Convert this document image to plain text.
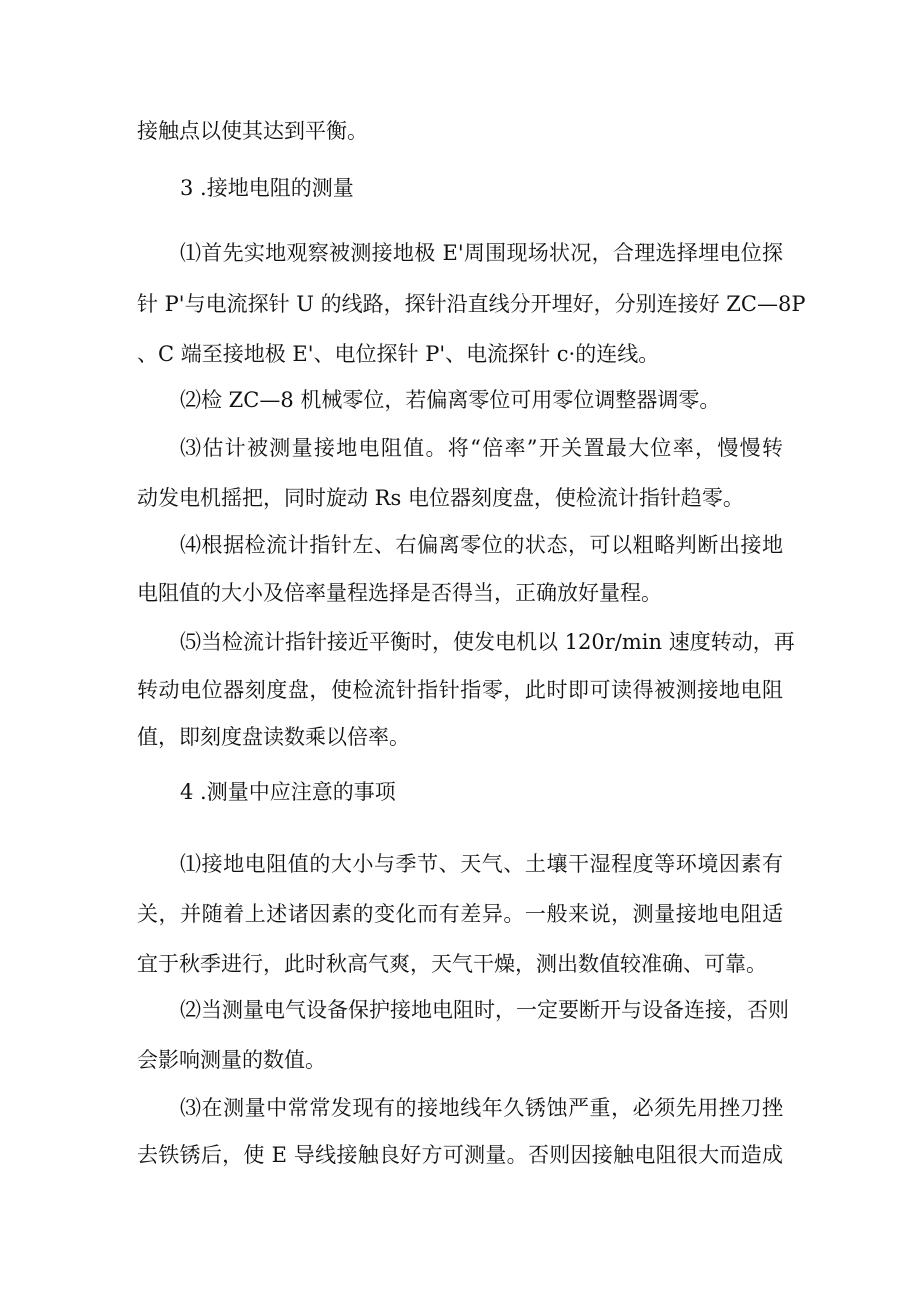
接触点以使其达到平衡。
3 .接地电阻的测量
⑴首先实地观察被测接地极 E'周围现场状况，合理选择埋电位探
针 P'与电流探针 U 的线路，探针沿直线分开埋好，分别连接好 ZC—8P
、C 端至接地极 E'、电位探针 P'、电流探针 c·的连线。
⑵检 ZC—8 机械零位，若偏离零位可用零位调整器调零。
⑶估计被测量接地电阻值。将“倍率”开关置最大位率，慢慢转
动发电机摇把，同时旋动 Rs 电位器刻度盘，使检流计指针趋零。
⑷根据检流计指针左、右偏离零位的状态，可以粗略判断出接地
电阻值的大小及倍率量程选择是否得当，正确放好量程。
⑸当检流计指针接近平衡时，使发电机以 120r∕min 速度转动，再
转动电位器刻度盘，使检流针指针指零，此时即可读得被测接地电阻
值，即刻度盘读数乘以倍率。
4 .测量中应注意的事项
⑴接地电阻值的大小与季节、天气、土壤干湿程度等环境因素有
关，并随着上述诸因素的变化而有差异。一般来说，测量接地电阻适
宜于秋季进行，此时秋高气爽，天气干燥，测出数值较准确、可靠。
⑵当测量电气设备保护接地电阻时，一定要断开与设备连接，否则
会影响测量的数值。
⑶在测量中常常发现有的接地线年久锈蚀严重，必须先用挫刀挫
去铁锈后，使 E 导线接触良好方可测量。否则因接触电阻很大而造成
